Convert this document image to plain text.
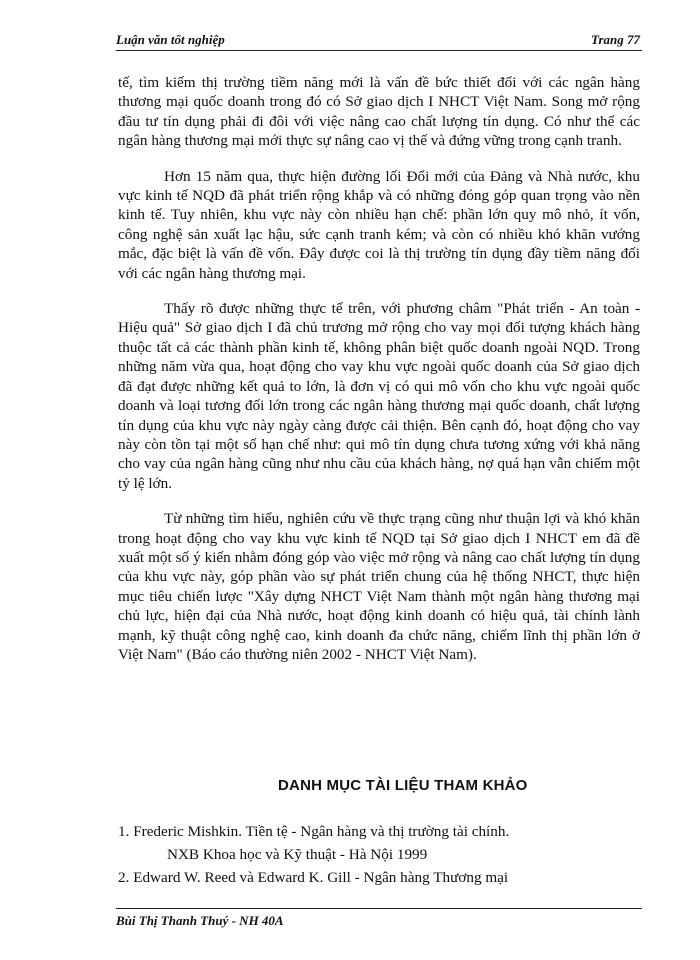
Luận văn tốt nghiệp	Trang 77

tế, tìm kiếm thị trường tiềm năng mới là vấn đề bức thiết đối với các ngân hàng thương mại quốc doanh trong đó có Sở giao dịch I NHCT Việt Nam. Song mở rộng đầu tư tín dụng phải đi đôi với việc nâng cao chất lượng tín dụng. Có như thế các ngân hàng thương mại mới thực sự nâng cao vị thế và đứng vững trong cạnh tranh.

Hơn 15 năm qua, thực hiện đường lối Đổi mới của Đảng và Nhà nước, khu vực kinh tế NQD đã phát triển rộng khắp và có những đóng góp quan trọng vào nền kinh tế. Tuy nhiên, khu vực này còn nhiều hạn chế: phần lớn quy mô nhỏ, ít vốn, công nghệ sản xuất lạc hậu, sức cạnh tranh kém; và còn có nhiều khó khăn vướng mắc, đặc biệt là vấn đề vốn. Đây được coi là thị trường tín dụng đầy tiềm năng đối với các ngân hàng thương mại.

Thấy rõ được những thực tế trên, với phương châm "Phát triển - An toàn - Hiệu quả" Sở giao dịch I đã chủ trương mở rộng cho vay mọi đối tượng khách hàng thuộc tất cả các thành phần kinh tế, không phân biệt quốc doanh ngoài NQD. Trong những năm vừa qua, hoạt động cho vay khu vực ngoài quốc doanh của Sở giao dịch đã đạt được những kết quả to lớn, là đơn vị có qui mô vốn cho khu vực ngoài quốc doanh và loại tương đối lớn trong các ngân hàng thương mại quốc doanh, chất lượng tín dụng của khu vực này ngày càng được cải thiện. Bên cạnh đó, hoạt động cho vay này còn tồn tại một số hạn chế như: qui mô tín dụng chưa tương xứng với khả năng cho vay của ngân hàng cũng như nhu cầu của khách hàng, nợ quá hạn vẫn chiếm một tỷ lệ lớn.

Từ những tìm hiểu, nghiên cứu về thực trạng cũng như thuận lợi và khó khăn trong hoạt động cho vay khu vực kinh tế NQD tại Sở giao dịch I NHCT em đã đề xuất một số ý kiến nhằm đóng góp vào việc mở rộng và nâng cao chất lượng tín dụng của khu vực này, góp phần vào sự phát triển chung của hệ thống NHCT, thực hiện mục tiêu chiến lược "Xây dựng NHCT Việt Nam thành một ngân hàng thương mại chủ lực, hiện đại của Nhà nước, hoạt động kinh doanh có hiệu quả, tài chính lành mạnh, kỹ thuật công nghệ cao, kinh doanh đa chức năng, chiếm lĩnh thị phần lớn ở Việt Nam" (Báo cáo thường niên 2002 - NHCT Việt Nam).

DANH MỤC TÀI LIỆU THAM KHẢO
1. Frederic Mishkin. Tiền tệ - Ngân hàng và thị trường tài chính.
NXB Khoa học và Kỹ thuật - Hà Nội 1999
2. Edward W. Reed và Edward K. Gill - Ngân hàng Thương mại
Bùi Thị Thanh Thuý - NH 40A
